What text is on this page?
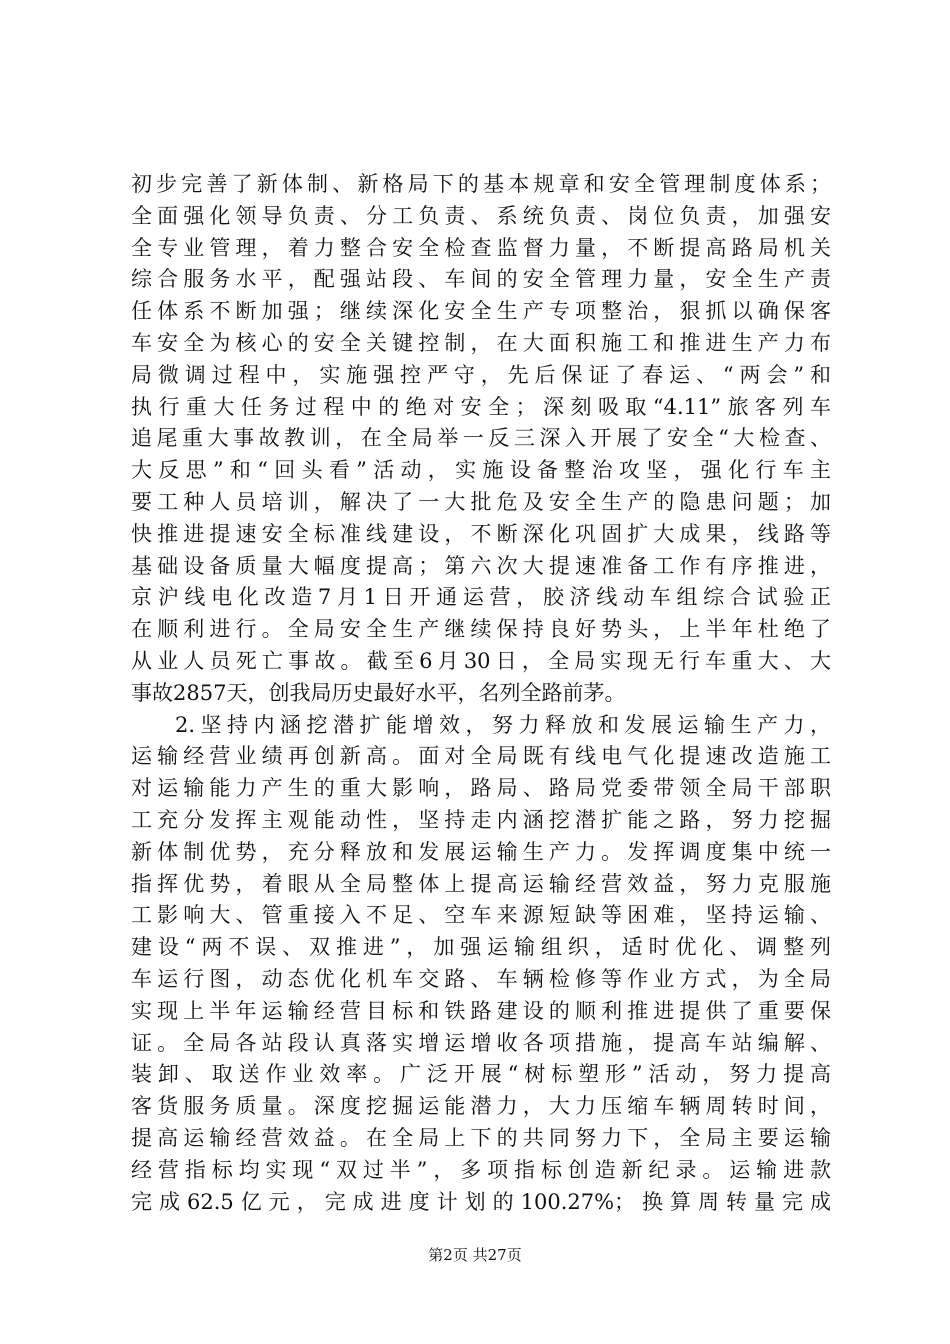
初步完善了新体制、新格局下的基本规章和安全管理制度体系；
全面强化领导负责、分工负责、系统负责、岗位负责，加强安
全专业管理，着力整合安全检查监督力量，不断提高路局机关
综合服务水平，配强站段、车间的安全管理力量，安全生产责
任体系不断加强；继续深化安全生产专项整治，狠抓以确保客
车安全为核心的安全关键控制，在大面积施工和推进生产力布
局微调过程中，实施强控严守，先后保证了春运、“两会”和
执行重大任务过程中的绝对安全；深刻吸取“4.11”旅客列车
追尾重大事故教训，在全局举一反三深入开展了安全“大检查、
大反思”和“回头看”活动，实施设备整治攻坚，强化行车主
要工种人员培训，解决了一大批危及安全生产的隐患问题；加
快推进提速安全标准线建设，不断深化巩固扩大成果，线路等
基础设备质量大幅度提高；第六次大提速准备工作有序推进，
京沪线电化改造7月1日开通运营，胶济线动车组综合试验正
在顺利进行。全局安全生产继续保持良好势头，上半年杜绝了
从业人员死亡事故。截至6月30日，全局实现无行车重大、大
事故2857天，创我局历史最好水平，名列全路前茅。
2.坚持内涵挖潜扩能增效，努力释放和发展运输生产力，
运输经营业绩再创新高。面对全局既有线电气化提速改造施工
对运输能力产生的重大影响，路局、路局党委带领全局干部职
工充分发挥主观能动性，坚持走内涵挖潜扩能之路，努力挖掘
新体制优势，充分释放和发展运输生产力。发挥调度集中统一
指挥优势，着眼从全局整体上提高运输经营效益，努力克服施
工影响大、管重接入不足、空车来源短缺等困难，坚持运输、
建设“两不误、双推进”，加强运输组织，适时优化、调整列
车运行图，动态优化机车交路、车辆检修等作业方式，为全局
实现上半年运输经营目标和铁路建设的顺利推进提供了重要保
证。全局各站段认真落实增运增收各项措施，提高车站编解、
装卸、取送作业效率。广泛开展“树标塑形”活动，努力提高
客货服务质量。深度挖掘运能潜力，大力压缩车辆周转时间，
提高运输经营效益。在全局上下的共同努力下，全局主要运输
经营指标均实现“双过半”，多项指标创造新纪录。运输进款
完成62.5亿元，完成进度计划的100.27%；换算周转量完成
第2页 共27页
